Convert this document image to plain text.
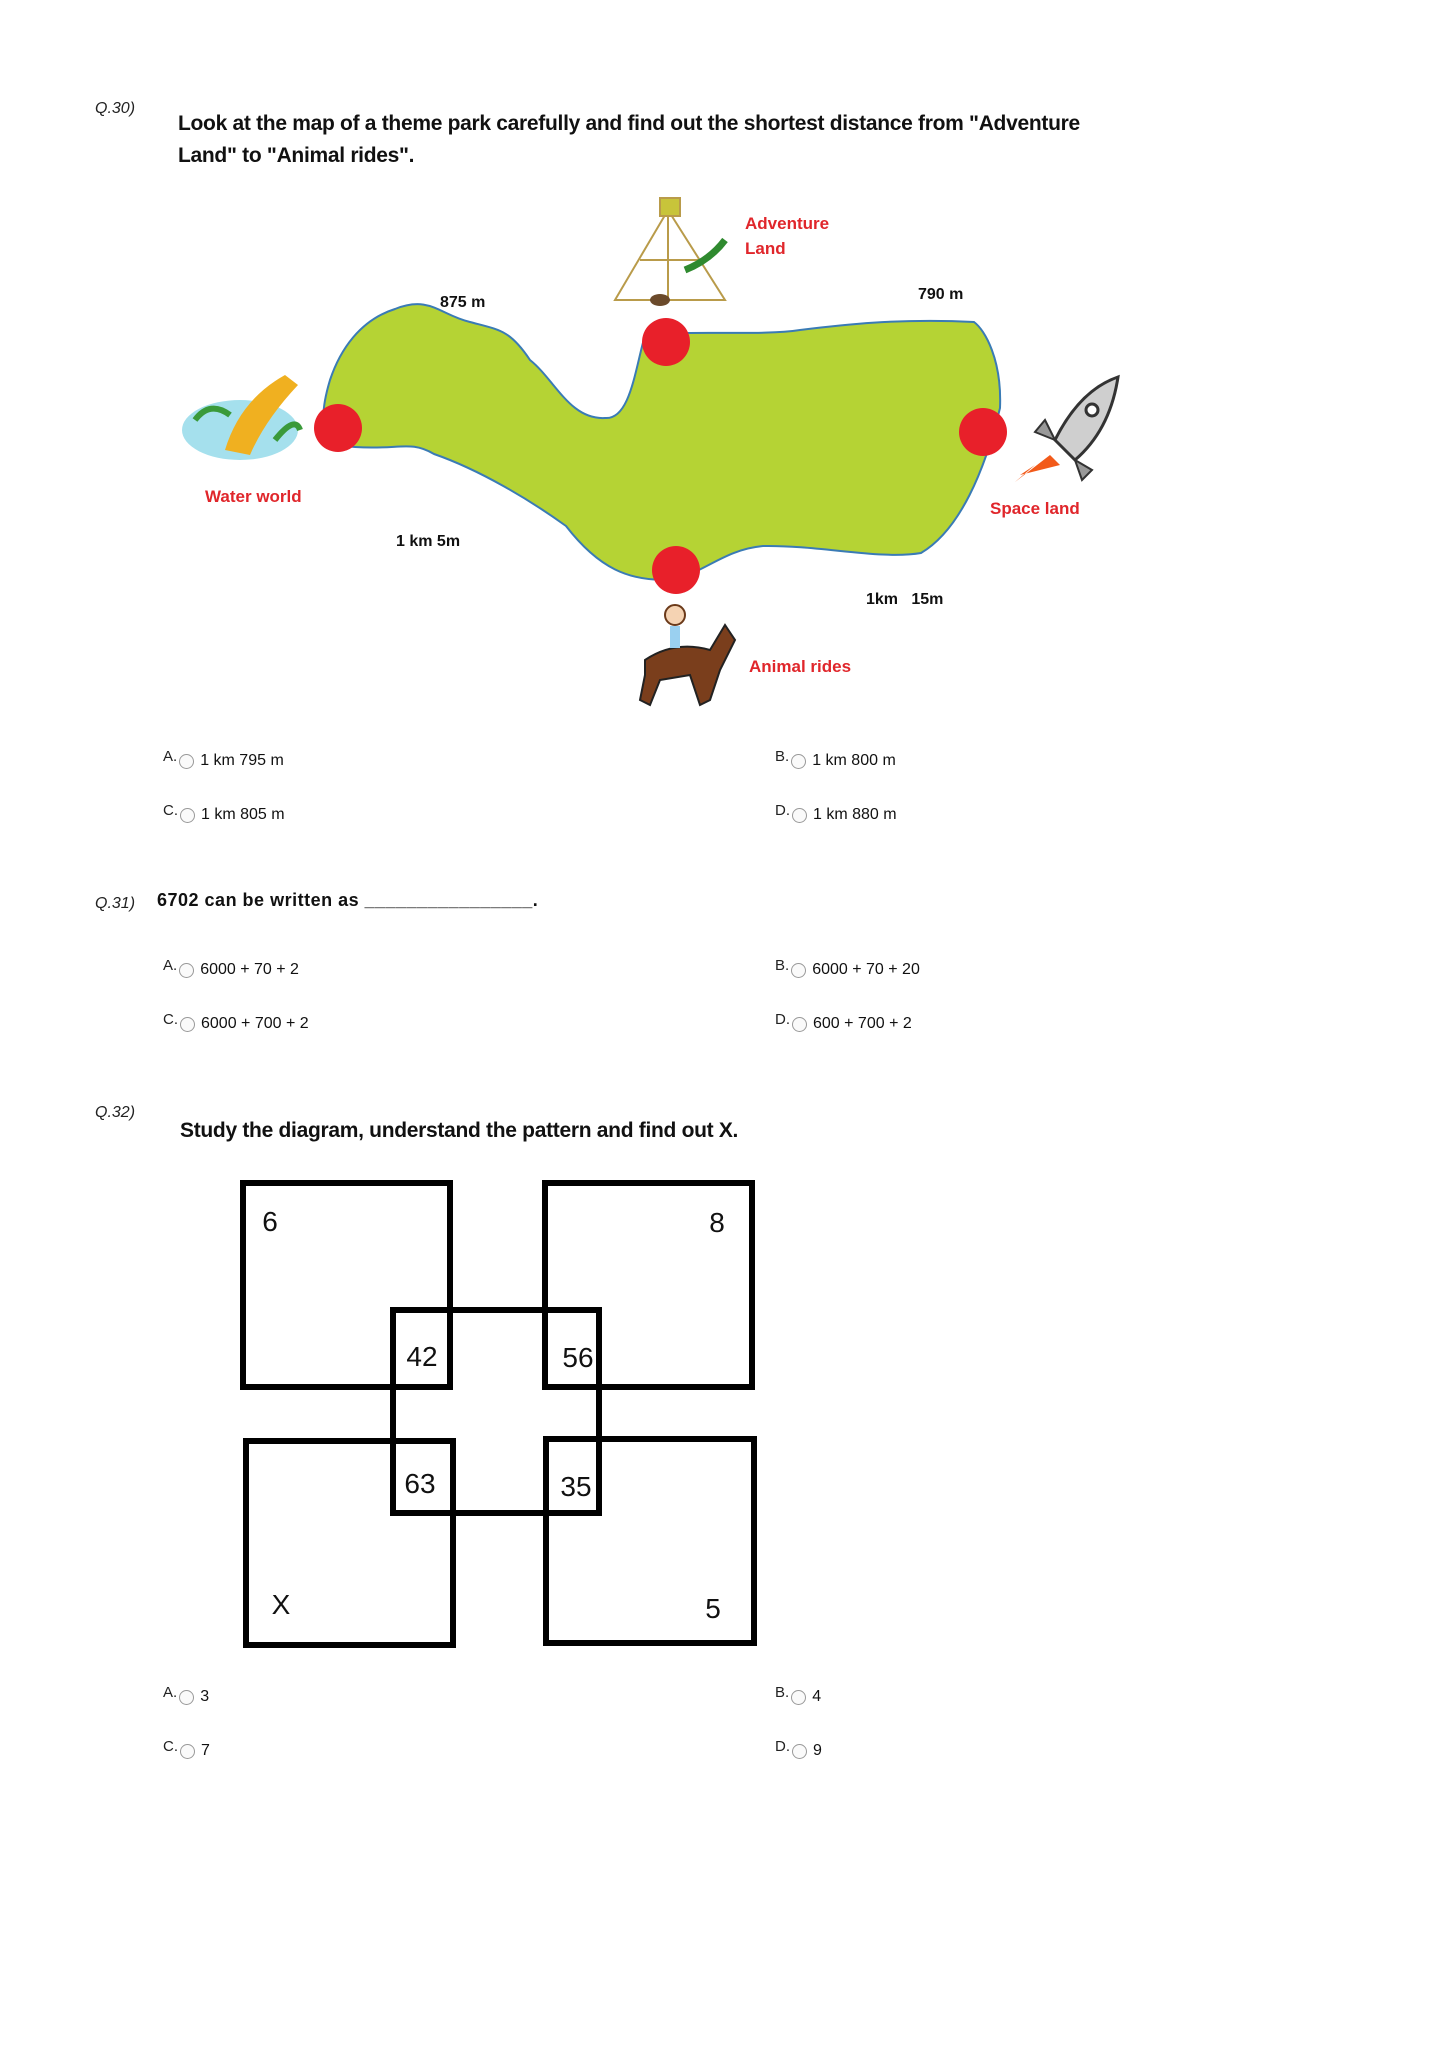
Q.30)
Look at the map of a theme park carefully and find out the shortest distance from "Adventure
Land" to "Animal rides".
Adventure
Land
875 m	790 m
Water world
Space land
1 km 5m
1km   15m
Animal rides
A. 1 km 795 m	B. 1 km 800 m
C. 1 km 805 m	D. 1 km 880 m
Q.31) 6702 can be written as ________________.
A. 6000 + 70 + 2	B. 6000 + 70 + 20
C. 6000 + 700 + 2	D. 600 + 700 + 2
Q.32)
Study the diagram, understand the pattern and find out X.
6	8
42	56
63	35
X	5
A. 3	B. 4
C. 7	D. 9
